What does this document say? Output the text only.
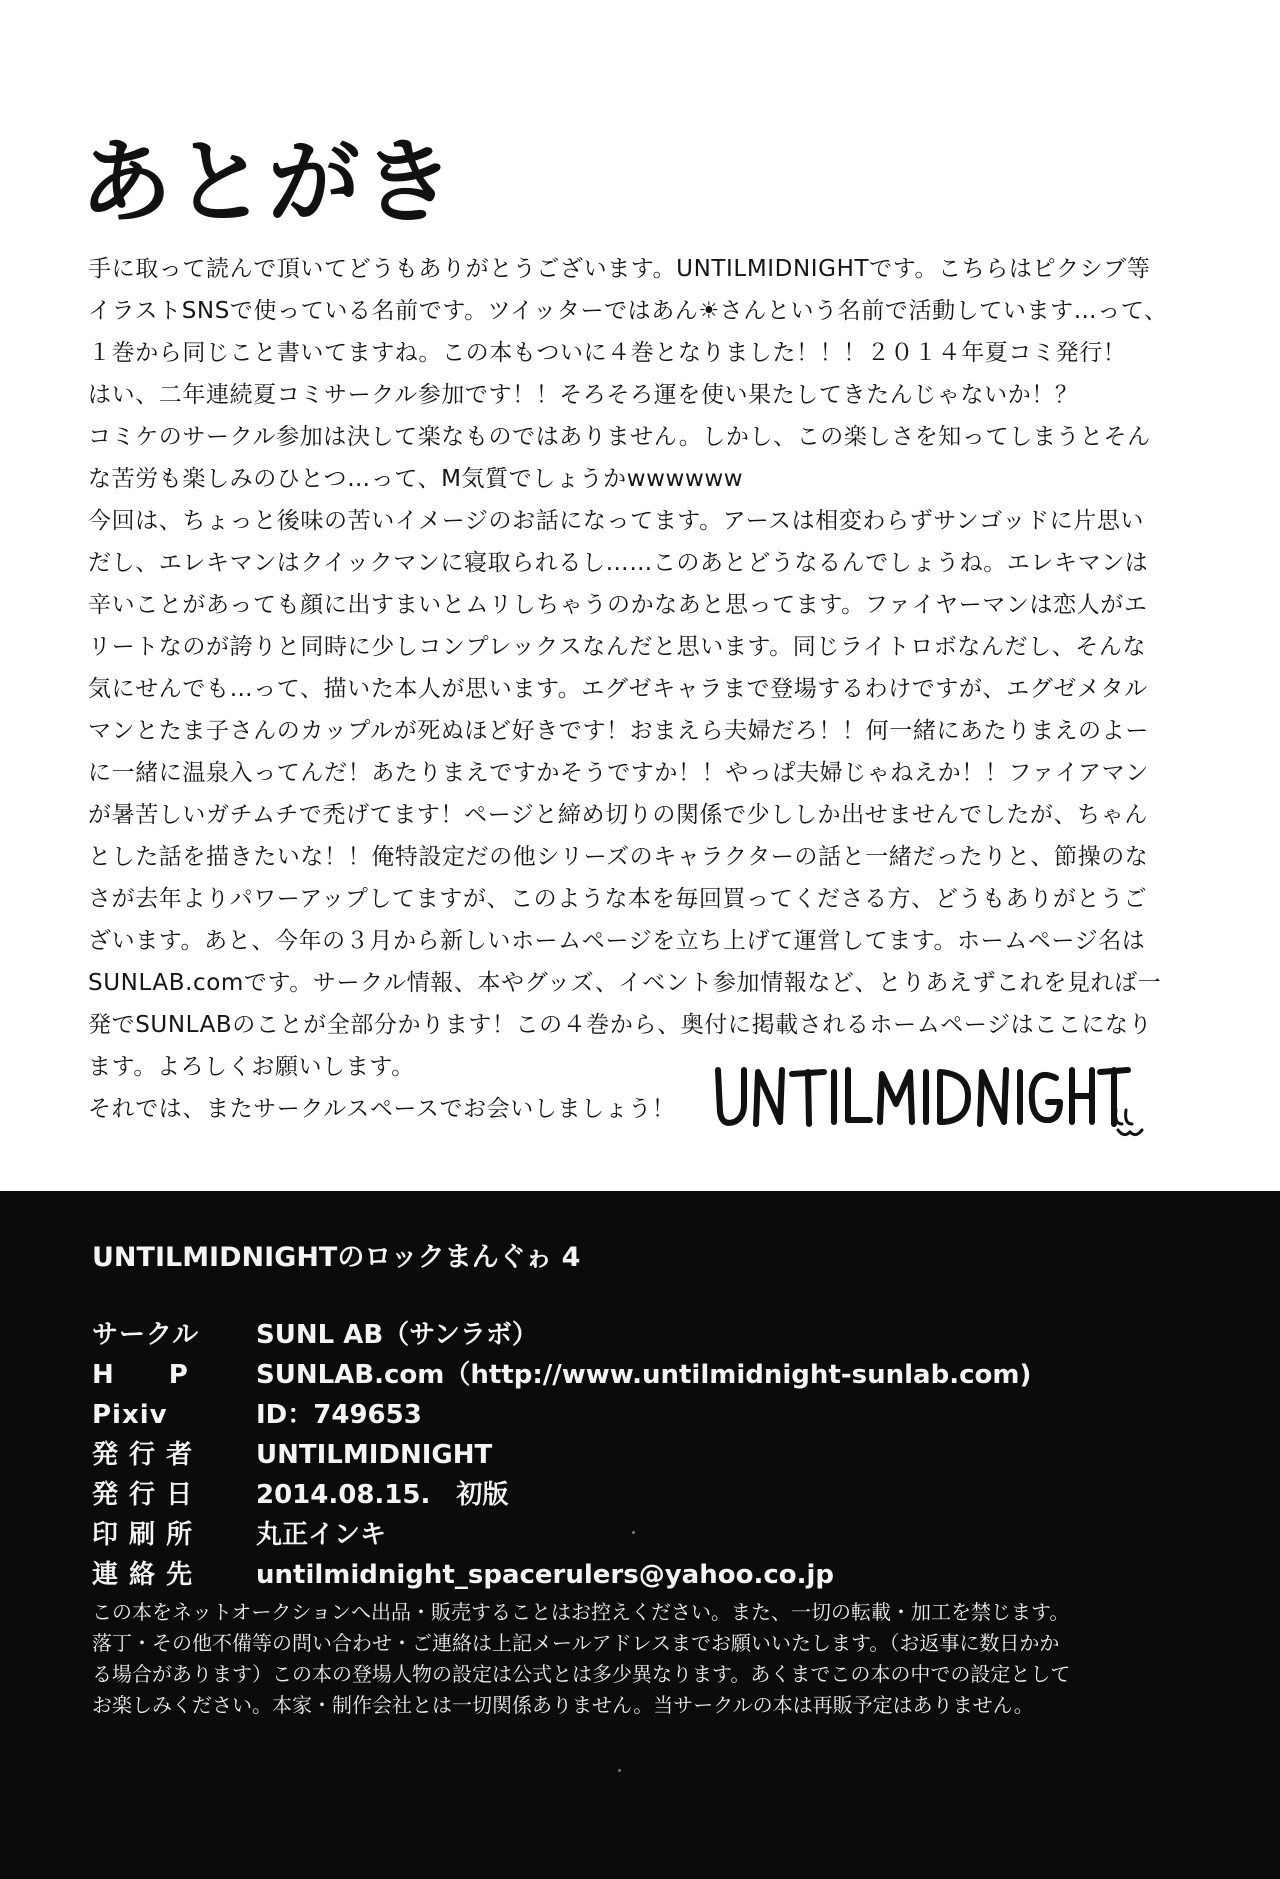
あとがき
手に取って読んで頂いてどうもありがとうございます。UNTILMIDNIGHTです。こちらはピクシブ等
イラストSNSで使っている名前です。ツイッターではあん☀さんという名前で活動しています…って、
１巻から同じこと書いてますね。この本もついに４巻となりました！！！２０１４年夏コミ発行！
はい、二年連続夏コミサークル参加です！！そろそろ運を使い果たしてきたんじゃないか！？
コミケのサークル参加は決して楽なものではありません。しかし、この楽しさを知ってしまうとそん
な苦労も楽しみのひとつ…って、M気質でしょうかwwwwww
今回は、ちょっと後味の苦いイメージのお話になってます。アースは相変わらずサンゴッドに片思い
だし、エレキマンはクイックマンに寝取られるし……このあとどうなるんでしょうね。エレキマンは
辛いことがあっても顔に出すまいとムリしちゃうのかなあと思ってます。ファイヤーマンは恋人がエ
リートなのが誇りと同時に少しコンプレックスなんだと思います。同じライトロボなんだし、そんな
気にせんでも…って、描いた本人が思います。エグゼキャラまで登場するわけですが、エグゼメタル
マンとたま子さんのカップルが死ぬほど好きです！おまえら夫婦だろ！！何一緒にあたりまえのよー
に一緒に温泉入ってんだ！あたりまえですかそうですか！！やっぱ夫婦じゃねえか！！ファイアマン
が暑苦しいガチムチで禿げてます！ページと締め切りの関係で少ししか出せませんでしたが、ちゃん
とした話を描きたいな！！俺特設定だの他シリーズのキャラクターの話と一緒だったりと、節操のな
さが去年よりパワーアップしてますが、このような本を毎回買ってくださる方、どうもありがとうご
ざいます。あと、今年の３月から新しいホームページを立ち上げて運営してます。ホームページ名は
SUNLAB.comです。サークル情報、本やグッズ、イベント参加情報など、とりあえずこれを見れば一
発でSUNLABのことが全部分かります！この４巻から、奥付に掲載されるホームページはここになり
ます。よろしくお願いします。
それでは、またサークルスペースでお会いしましょう！
UNTILMIDNIGHTのロックまんぐゎ 4
サークル	SUNL AB（サンラボ）
H　　P	SUNLAB.com（http://www.untilmidnight-sunlab.com)
Pixiv	ID：749653
発 行 者	UNTILMIDNIGHT
発 行 日	2014.08.15.　初版
印 刷 所	丸正インキ
連 絡 先	untilmidnight_spacerulers@yahoo.co.jp
この本をネットオークションへ出品・販売することはお控えください。また、一切の転載・加工を禁じます。
落丁・その他不備等の問い合わせ・ご連絡は上記メールアドレスまでお願いいたします。（お返事に数日かか
る場合があります）この本の登場人物の設定は公式とは多少異なります。あくまでこの本の中での設定として
お楽しみください。本家・制作会社とは一切関係ありません。当サークルの本は再販予定はありません。
